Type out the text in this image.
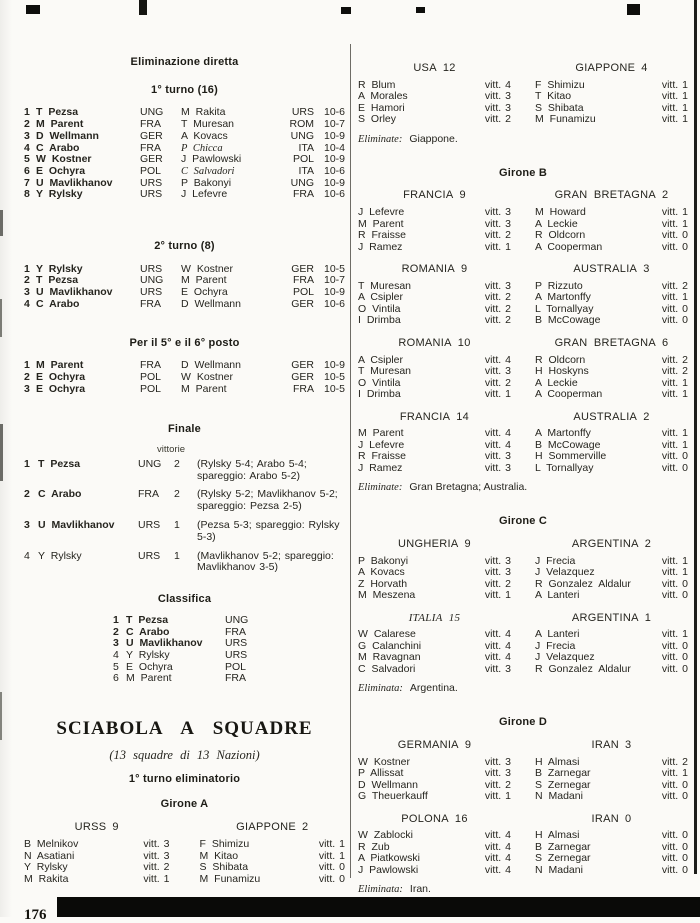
Eliminazione diretta
1° turno (16)
1 T Pezsa	UNG	M Rakita	URS 10-6
2 M Parent	FRA	T Muresan	ROM 10-7
3 D Wellmann	GER	A Kovacs	UNG 10-9
4 C Arabo	FRA	P Chicca	ITA 10-4
5 W Kostner	GER	J Pawlowski	POL 10-9
6 E Ochyra	POL	C Salvadori	ITA 10-6
7 U Mavlikhanov	URS	P Bakonyi	UNG 10-9
8 Y Rylsky	URS	J Lefevre	FRA 10-6
2° turno (8)
1 Y Rylsky	URS	W Kostner	GER 10-5
2 T Pezsa	UNG	M Parent	FRA 10-7
3 U Mavlikhanov	URS	E Ochyra	POL 10-9
4 C Arabo	FRA	D Wellmann	GER 10-6
Per il 5° e il 6° posto
1 M Parent	FRA	D Wellmann	GER 10-9
2 E Ochyra	POL	W Kostner	GER 10-5
3 E Ochyra	POL	M Parent	FRA 10-5
Finale
vittorie
1 T Pezsa	UNG	2	(Rylsky 5-4; Arabo 5-4; spareggio: Arabo 5-2)
2 C Arabo	FRA	2	(Rylsky 5-2; Mavlikhanov 5-2; spareggio: Pezsa 2-5)
3 U Mavlikhanov URS	1	(Pezsa 5-3; spareggio: Rylsky 5-3)
4 Y Rylsky	URS	1	(Mavlikhanov 5-2; spareggio: Mavlikhanov 3-5)
Classifica
1 T Pezsa	UNG
2 C Arabo	FRA
3 U Mavlikhanov URS
4 Y Rylsky	URS
5 E Ochyra	POL
6 M Parent	FRA
SCIABOLA A SQUADRE
(13 squadre di 13 Nazioni)
1° turno eliminatorio
Girone A
URSS 9
B Melnikov	vitt. 3
N Asatiani	vitt. 3
Y Rylsky	vitt. 2
M Rakita	vitt. 1
GIAPPONE 2
F Shimizu	vitt. 1
M Kitao	vitt. 1
S Shibata	vitt. 0
M Funamizu	vitt. 0
176
USA 12
R Blum	vitt. 4
A Morales	vitt. 3
E Hamori	vitt. 3
S Orley	vitt. 2
GIAPPONE 4
F Shimizu	vitt. 1
T Kitao	vitt. 1
S Shibata	vitt. 1
M Funamizu	vitt. 1
Eliminate: Giappone.
Girone B
FRANCIA 9
J Lefevre	vitt. 3
M Parent	vitt. 3
R Fraisse	vitt. 2
J Ramez	vitt. 1
GRAN BRETAGNA 2
M Howard	vitt. 1
A Leckie	vitt. 1
R Oldcorn	vitt. 0
A Cooperman	vitt. 0
ROMANIA 9
T Muresan	vitt. 3
A Csipler	vitt. 2
O Vintila	vitt. 2
I Drimba	vitt. 2
AUSTRALIA 3
P Rizzuto	vitt. 2
A Martonffy	vitt. 1
L Tornallyay	vitt. 0
B McCowage	vitt. 0
ROMANIA 10
A Csipler	vitt. 4
T Muresan	vitt. 3
O Vintila	vitt. 2
I Drimba	vitt. 1
GRAN BRETAGNA 6
R Oldcorn	vitt. 2
H Hoskyns	vitt. 2
A Leckie	vitt. 1
A Cooperman	vitt. 1
FRANCIA 14
M Parent	vitt. 4
J Lefevre	vitt. 4
R Fraisse	vitt. 3
J Ramez	vitt. 3
AUSTRALIA 2
A Martonffy	vitt. 1
B McCowage	vitt. 1
H Sommerville	vitt. 0
L Tornallyay	vitt. 0
Eliminate: Gran Bretagna; Australia.
Girone C
UNGHERIA 9
P Bakonyi	vitt. 3
A Kovacs	vitt. 3
Z Horvath	vitt. 2
M Meszena	vitt. 1
ARGENTINA 2
J Frecia	vitt. 1
J Velazquez	vitt. 1
R Gonzalez Aldalur	vitt. 0
A Lanteri	vitt. 0
ITALIA 15
W Calarese	vitt. 4
G Calanchini	vitt. 4
M Ravagnan	vitt. 4
C Salvadori	vitt. 3
ARGENTINA 1
A Lanteri	vitt. 1
J Frecia	vitt. 0
J Velazquez	vitt. 0
R Gonzalez Aldalur	vitt. 0
Eliminata: Argentina.
Girone D
GERMANIA 9
W Kostner	vitt. 3
P Allissat	vitt. 3
D Wellmann	vitt. 2
G Theuerkauff	vitt. 1
IRAN 3
H Almasi	vitt. 2
B Zarnegar	vitt. 1
S Zernegar	vitt. 0
N Madani	vitt. 0
POLONA 16
W Zablocki	vitt. 4
R Zub	vitt. 4
A Piatkowski	vitt. 4
J Pawlowski	vitt. 4
IRAN 0
H Almasi	vitt. 0
B Zarnegar	vitt. 0
S Zernegar	vitt. 0
N Madani	vitt. 0
Eliminata: Iran.
